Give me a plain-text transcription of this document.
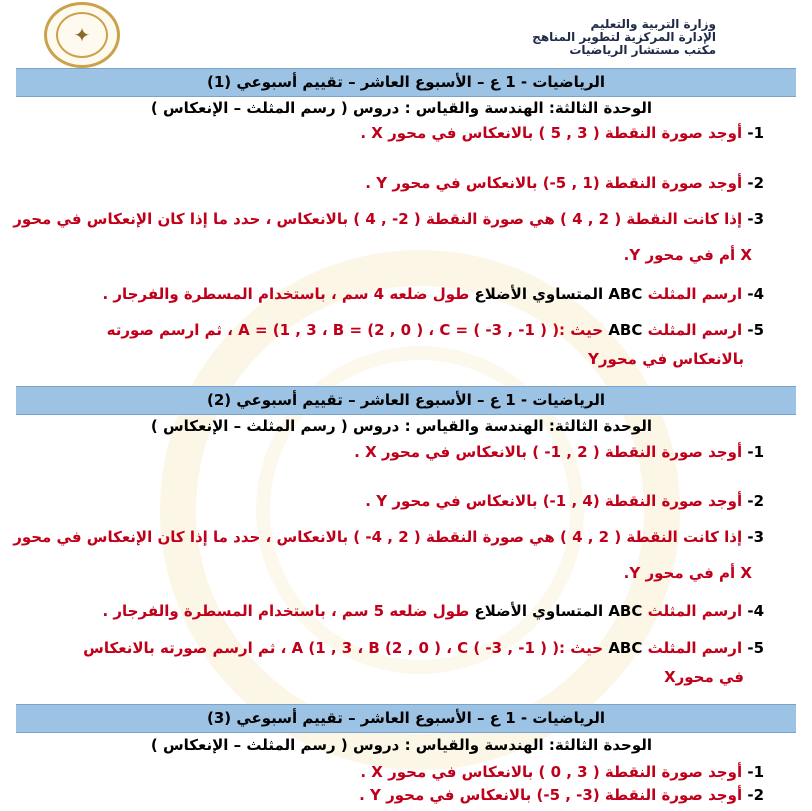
✦	وزارة التربية والتعليم
الإدارة المركزية لتطوير المناهج
مكتب مستشار الرياضيات
الرياضيات - 1 ع – الأسبوع العاشر – تقييم أسبوعي (1)
الوحدة الثالثة: الهندسة والقياس : دروس ( رسم المثلث – الإنعكاس )
1- أوجد صورة النقطة ( 3 , 5 ) بالانعكاس في محور X .
2- أوجد صورة النقطة (1 , 5-) بالانعكاس في محور Y .
3- إذا كانت النقطة ( 2 , 4 ) هي صورة النقطة ( 2- , 4 ) بالانعكاس ، حدد ما إذا كان الإنعكاس في محور
X أم في محور Y.
4- ارسم المثلث ABC المتساوي الأضلاع طول ضلعه 4 سم ، باستخدام المسطرة والفرجار .
5- ارسم المثلث ABC حيث :( A = (1 , 3 ، B = (2 , 0 ) ، C = ( -3 , -1 ) ، ثم ارسم صورته
بالانعكاس في محورY
الرياضيات - 1 ع – الأسبوع العاشر – تقييم أسبوعي (2)
الوحدة الثالثة: الهندسة والقياس : دروس ( رسم المثلث – الإنعكاس )
1- أوجد صورة النقطة ( 2 , 1- ) بالانعكاس في محور X .
2- أوجد صورة النقطة (4 , 1-) بالانعكاس في محور Y .
3- إذا كانت النقطة ( 2 , 4 ) هي صورة النقطة ( 2 , 4- ) بالانعكاس ، حدد ما إذا كان الإنعكاس في محور
X أم في محور Y.
4- ارسم المثلث ABC المتساوي الأضلاع طول ضلعه 5 سم ، باستخدام المسطرة والفرجار .
5- ارسم المثلث ABC حيث :( A (1 , 3 ، B (2 , 0 ) ، C ( -3 , -1 ) ، ثم ارسم صورته بالانعكاس
في محورX
الرياضيات - 1 ع – الأسبوع العاشر – تقييم أسبوعي (3)
الوحدة الثالثة: الهندسة والقياس : دروس ( رسم المثلث – الإنعكاس )
1- أوجد صورة النقطة ( 3 , 0 ) بالانعكاس في محور X .
2- أوجد صورة النقطة (3- , 5-) بالانعكاس في محور Y .
